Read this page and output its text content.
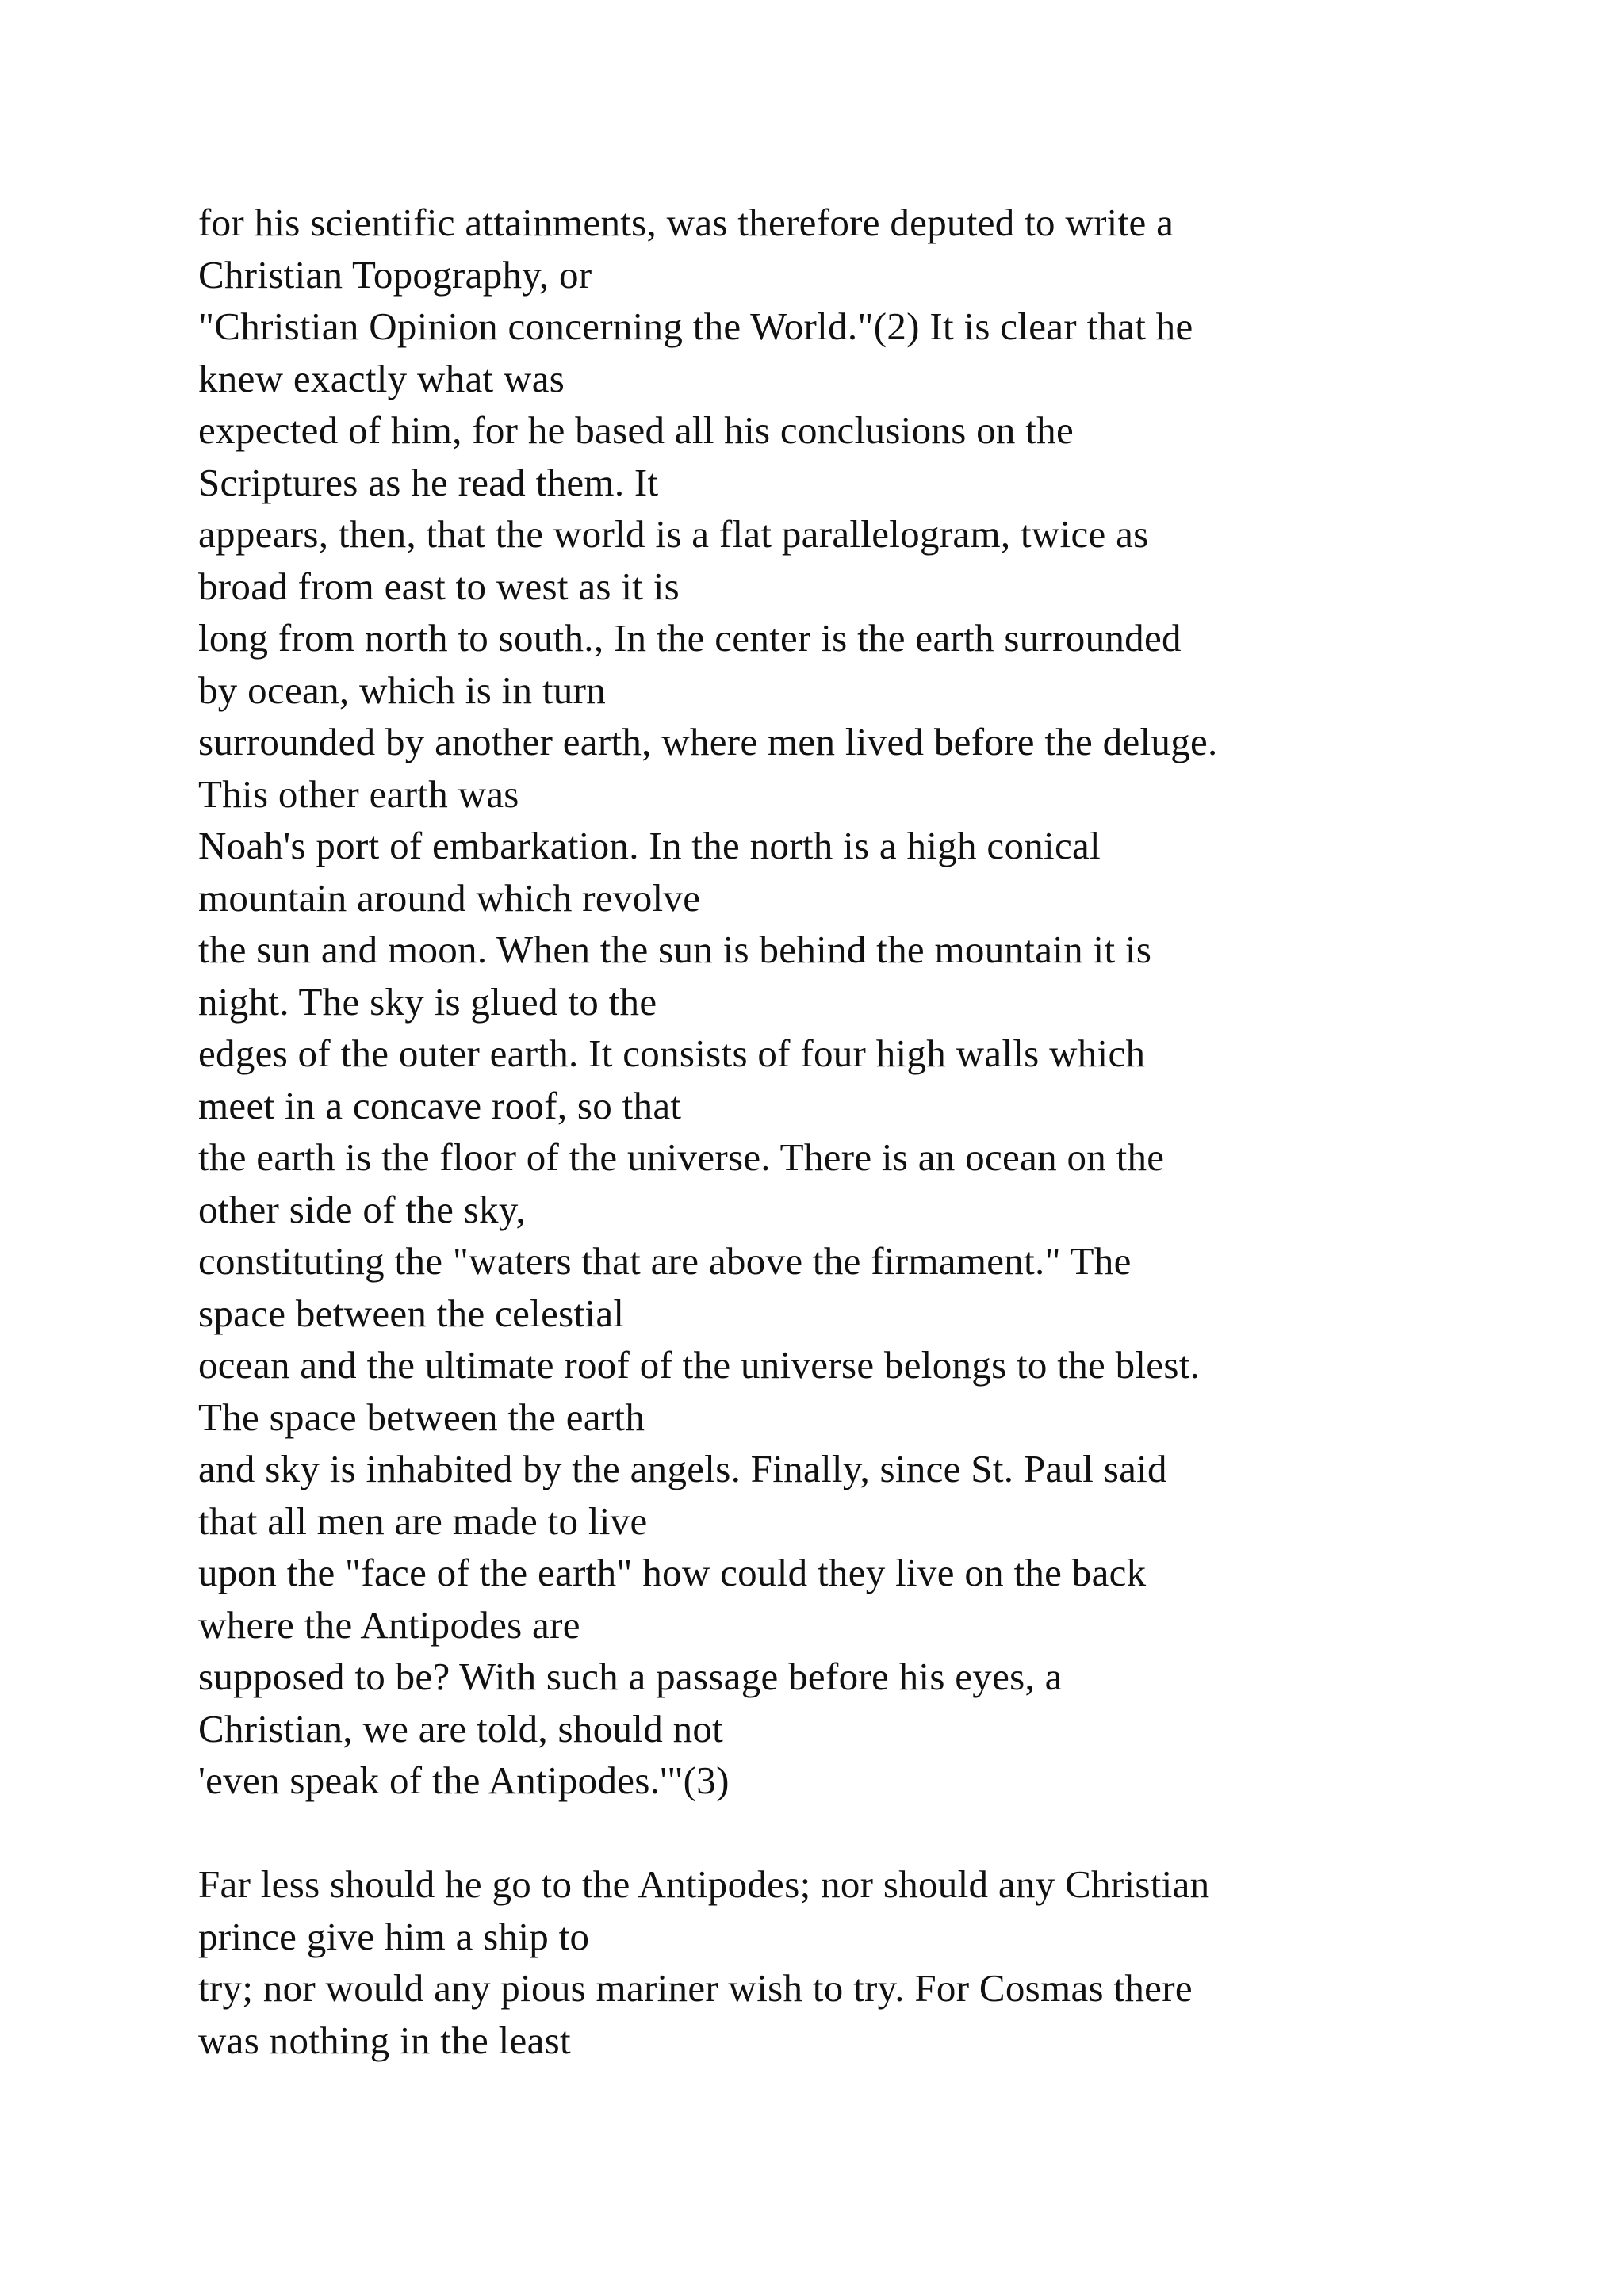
for his scientific attainments, was therefore deputed to write a
Christian Topography, or
"Christian Opinion concerning the World."(2) It is clear that he
knew exactly what was
expected of him, for he based all his conclusions on the
Scriptures as he read them. It
appears, then, that the world is a flat parallelogram, twice as
broad from east to west as it is
long from north to south., In the center is the earth surrounded
by ocean, which is in turn
surrounded by another earth, where men lived before the deluge.
This other earth was
Noah's port of embarkation. In the north is a high conical
mountain around which revolve
the sun and moon. When the sun is behind the mountain it is
night. The sky is glued to the
edges of the outer earth. It consists of four high walls which
meet in a concave roof, so that
the earth is the floor of the universe. There is an ocean on the
other side of the sky,
constituting the "waters that are above the firmament." The
space between the celestial
ocean and the ultimate roof of the universe belongs to the blest.
The space between the earth
and sky is inhabited by the angels. Finally, since St. Paul said
that all men are made to live
upon the "face of the earth" how could they live on the back
where the Antipodes are
supposed to be? With such a passage before his eyes, a
Christian, we are told, should not
'even speak of the Antipodes.'"(3)
Far less should he go to the Antipodes; nor should any Christian
prince give him a ship to
try; nor would any pious mariner wish to try. For Cosmas there
was nothing in the least
